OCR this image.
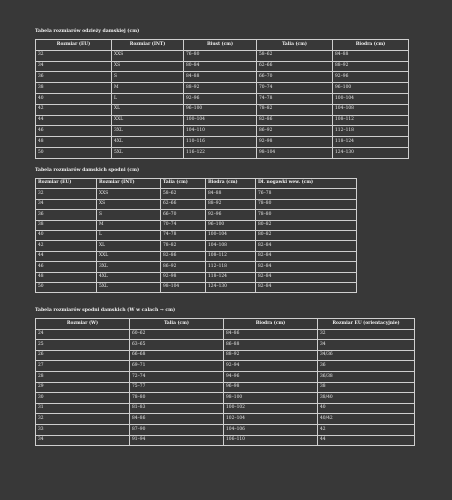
Tabela rozmiarów odzieży damskiej (cm)
Rozmiar (EU)	Rozmiar (INT)	Biust (cm)	Talia (cm)	Biodra (cm)
32	XXS	76–80	58–62	84–88
34	XS	80–84	62–66	88–92
36	S	84–88	66–70	92–96
38	M	88–92	70–74	96–100
40	L	92–96	74–78	100–104
42	XL	96–100	78–82	104–108
44	XXL	100–104	82–86	108–112
46	3XL	104–110	86–92	112–118
48	4XL	110–116	92–98	118–124
50	5XL	116–122	98–104	124–130
Tabela rozmiarów damskich spodni (cm)
Rozmiar (EU)	Rozmiar (INT)	Talia (cm)	Biodra (cm)	Dł. nogawki wew. (cm)
32	XXS	58–62	84–88	76–78
34	XS	62–66	88–92	78–80
36	S	66–70	92–96	78–80
38	M	70–74	96–100	80–82
40	L	74–78	100–104	80–82
42	XL	78–82	104–108	82–84
44	XXL	82–86	108–112	82–84
46	3XL	86–92	112–118	82–84
48	4XL	92–98	118–124	82–84
50	5XL	98–104	124–130	82–84
Tabela rozmiarów spodni damskich (W w calach → cm)
Rozmiar (W)	Talia (cm)	Biodra (cm)	Rozmiar EU (orientacyjnie)
24	60–62	84–86	32
25	63–65	86–88	34
26	66–68	88–92	34/36
27	69–71	92–94	36
28	72–74	94–96	36/38
29	75–77	96–98	38
30	78–80	98–100	38/40
31	81–83	100–102	40
32	84–86	102–104	40/42
33	87–90	104–106	42
34	91–94	106–110	44
